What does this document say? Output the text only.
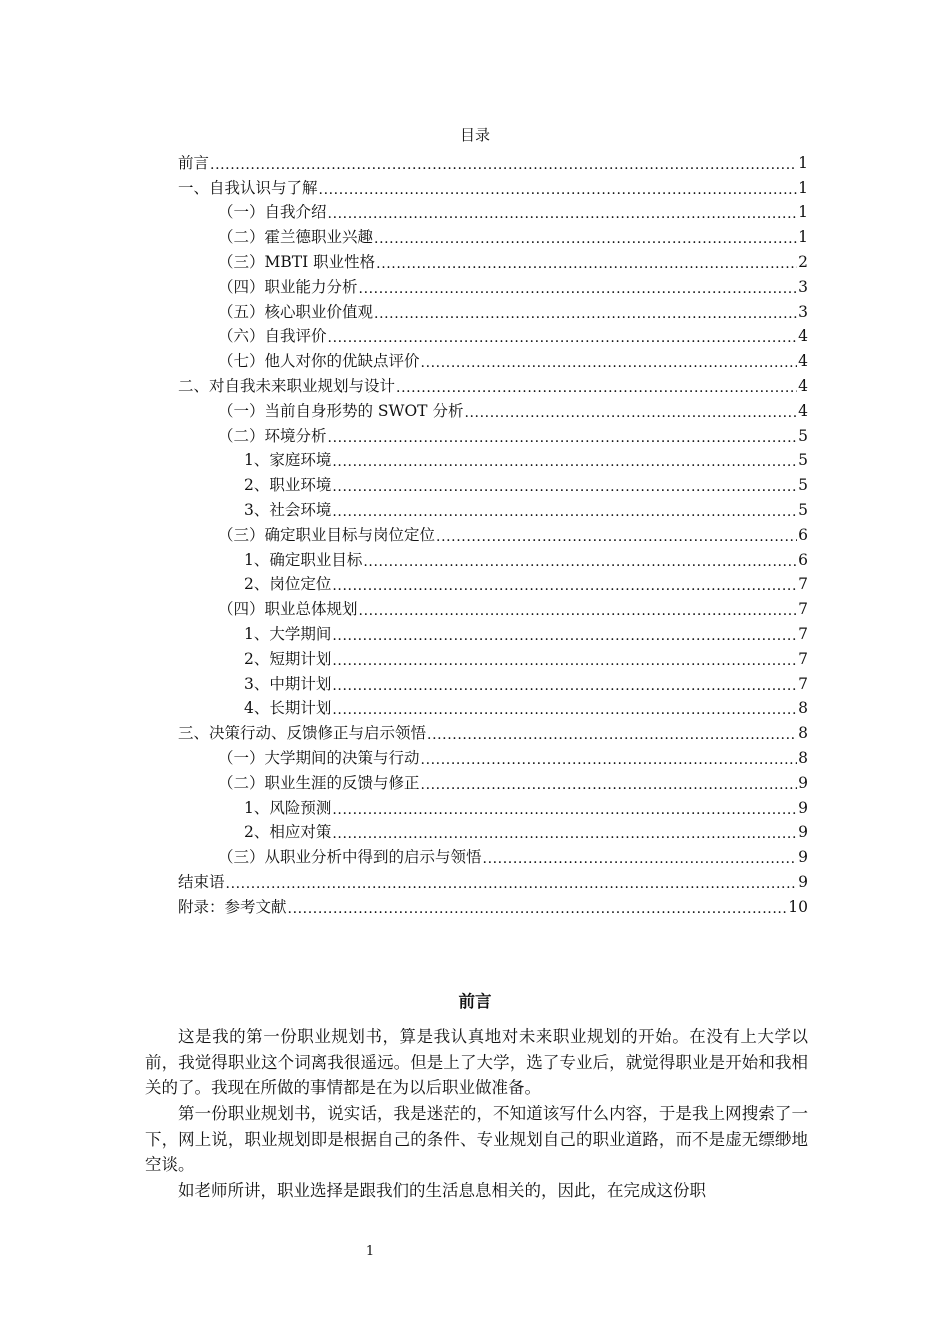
目录
前言 .....	1
一、自我认识与了解 .....	1
（一）自我介绍 .....	1
（二）霍兰德职业兴趣 .....	1
（三）MBTI 职业性格 .....	2
（四）职业能力分析 .....	3
（五）核心职业价值观 .....	3
（六）自我评价 .....	4
（七）他人对你的优缺点评价 .....	4
二、对自我未来职业规划与设计 .....	4
（一）当前自身形势的 SWOT 分析 .....	4
（二）环境分析 .....	5
1、家庭环境 .....	5
2、职业环境 .....	5
3、社会环境 .....	5
（三）确定职业目标与岗位定位 .....	6
1、确定职业目标 .....	6
2、岗位定位 .....	7
（四）职业总体规划 .....	7
1、大学期间 .....	7
2、短期计划 .....	7
3、中期计划 .....	7
4、长期计划 .....	8
三、决策行动、反馈修正与启示领悟 .....	8
（一）大学期间的决策与行动 .....	8
（二）职业生涯的反馈与修正 .....	9
1、风险预测 .....	9
2、相应对策 .....	9
（三）从职业分析中得到的启示与领悟 .....	9
结束语 .....	9
附录：参考文献 .....	10
前言
这是我的第一份职业规划书，算是我认真地对未来职业规划的开始。在没有上大学以前，我觉得职业这个词离我很遥远。但是上了大学，选了专业后，就觉得职业是开始和我相关的了。我现在所做的事情都是在为以后职业做准备。
第一份职业规划书，说实话，我是迷茫的，不知道该写什么内容，于是我上网搜索了一下，网上说，职业规划即是根据自己的条件、专业规划自己的职业道路，而不是虚无缥缈地空谈。
如老师所讲，职业选择是跟我们的生活息息相关的，因此，在完成这份职
1
